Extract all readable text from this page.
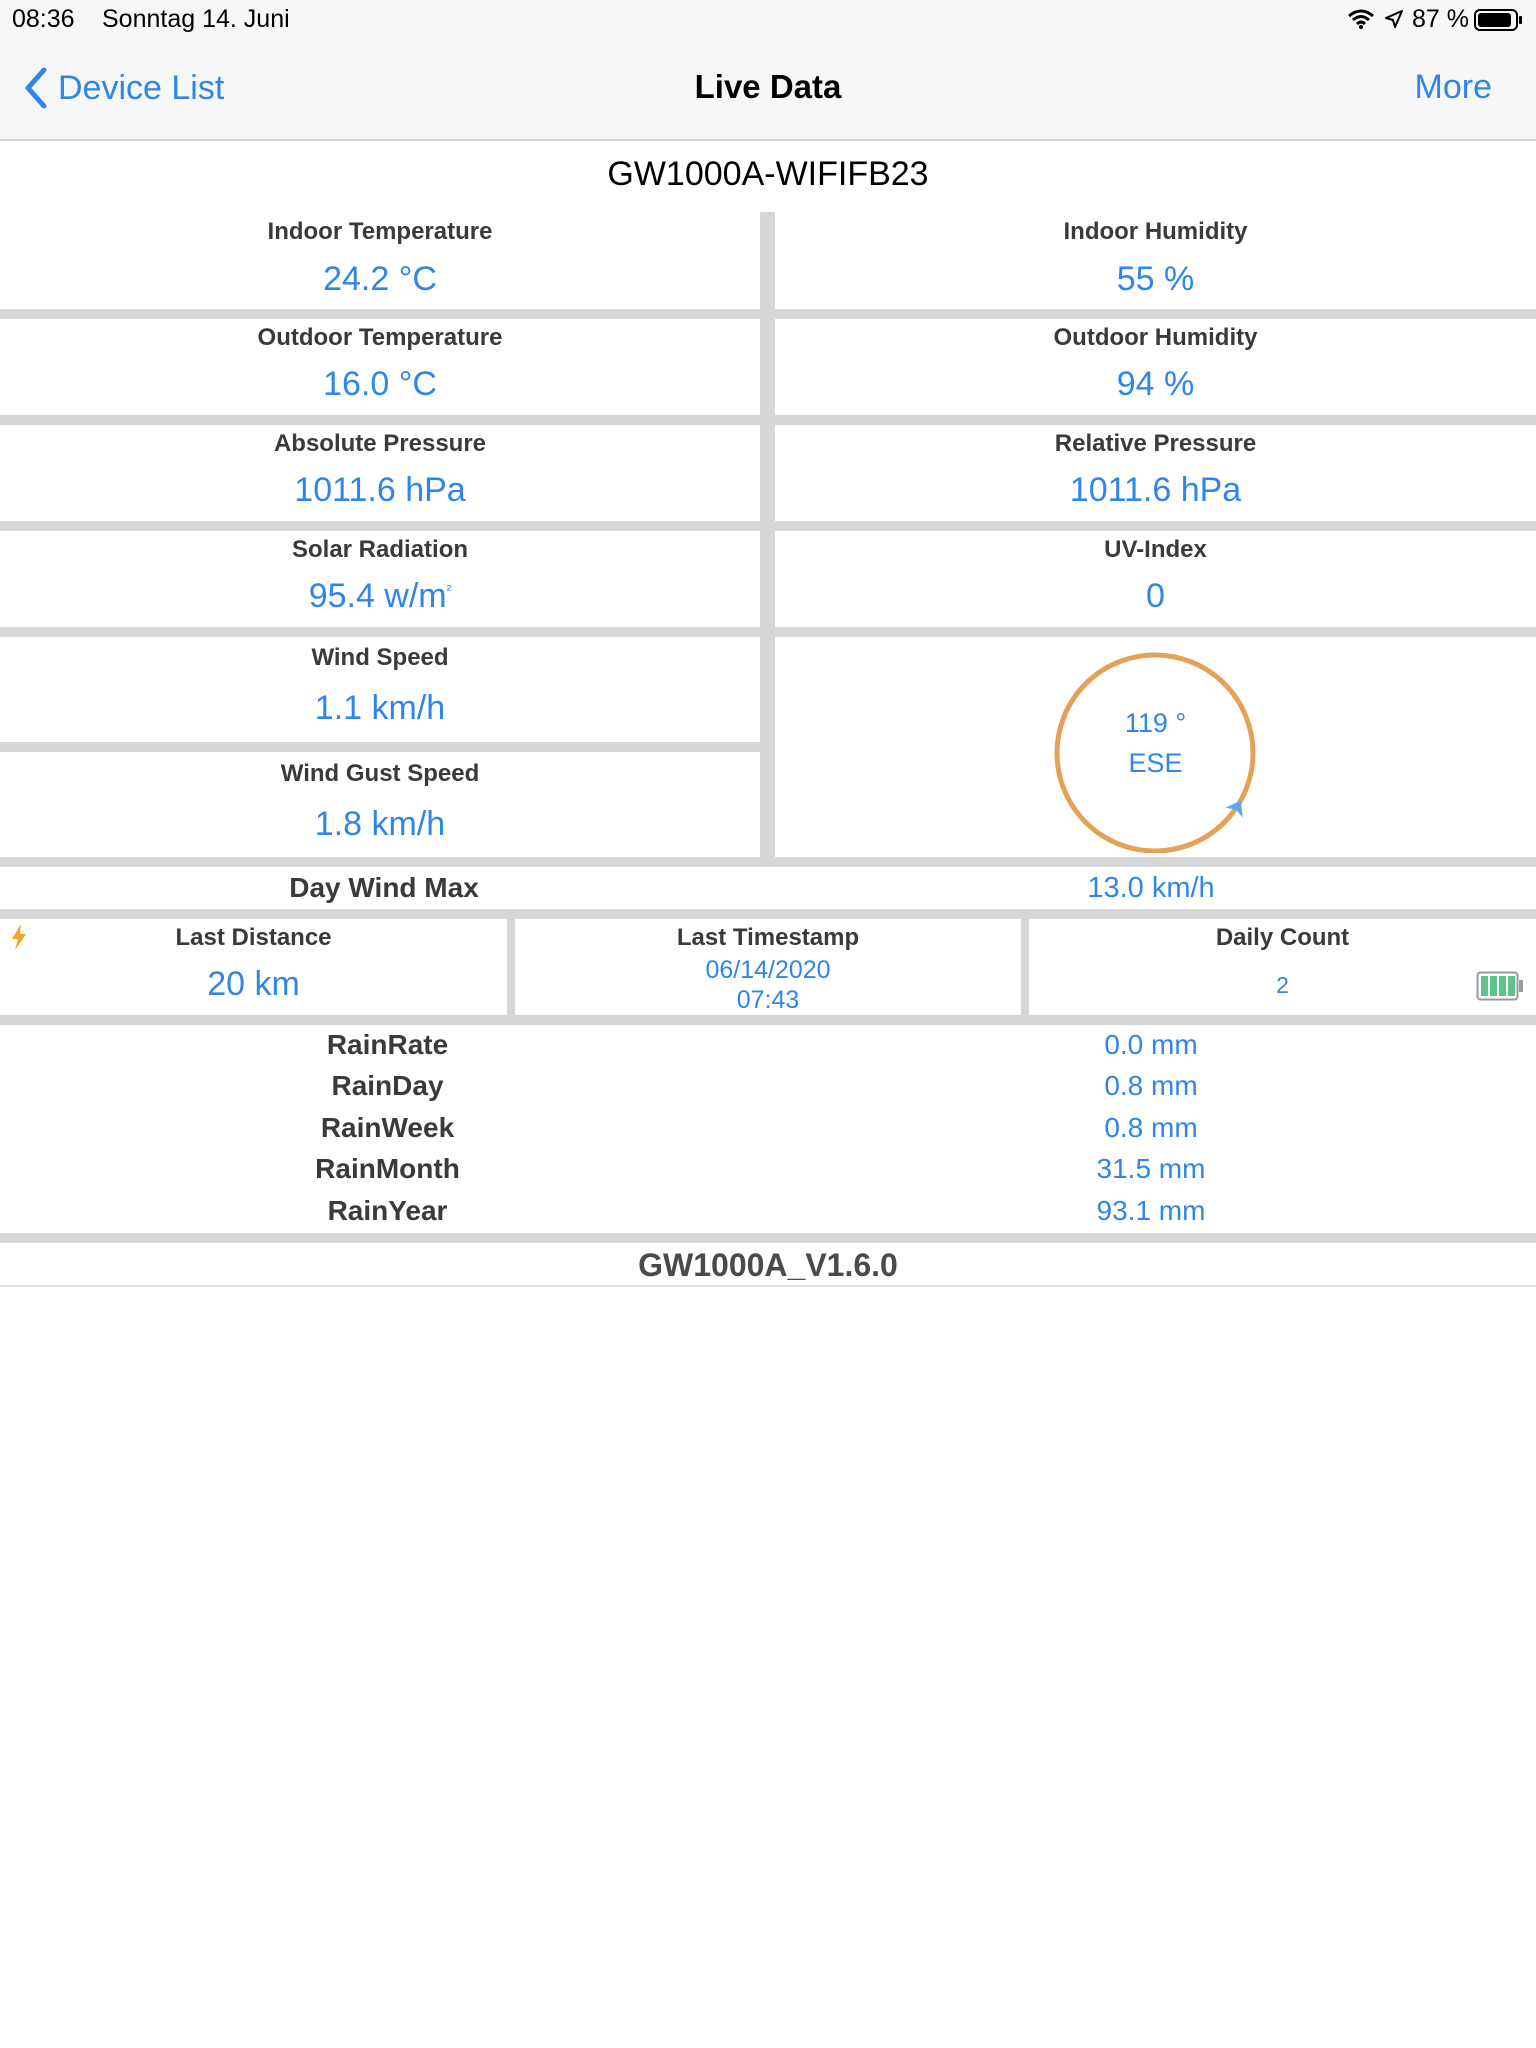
08:36 Sonntag 14. Juni	87 %
Live Data
Device List	More
GW1000A-WIFIFB23
Indoor Temperature
24.2 °C
Indoor Humidity
55 %
Outdoor Temperature
16.0 °C
Outdoor Humidity
94 %
Absolute Pressure
1011.6 hPa
Relative Pressure
1011.6 hPa
Solar Radiation
95.4 $w/m^{^2}$
UV-Index
0
Wind Speed
1.1 km/h
Wind Gust Speed
1.8 km/h
119 °
ESE
Day Wind Max	13.0 km/h
Last Distance
20 km
Last Timestamp
06/14/2020
07:43
Daily Count
2
RainRate	0.0 mm
RainDay	0.8 mm
RainWeek	0.8 mm
RainMonth	31.5 mm
RainYear	93.1 mm
GW1000A_V1.6.0
